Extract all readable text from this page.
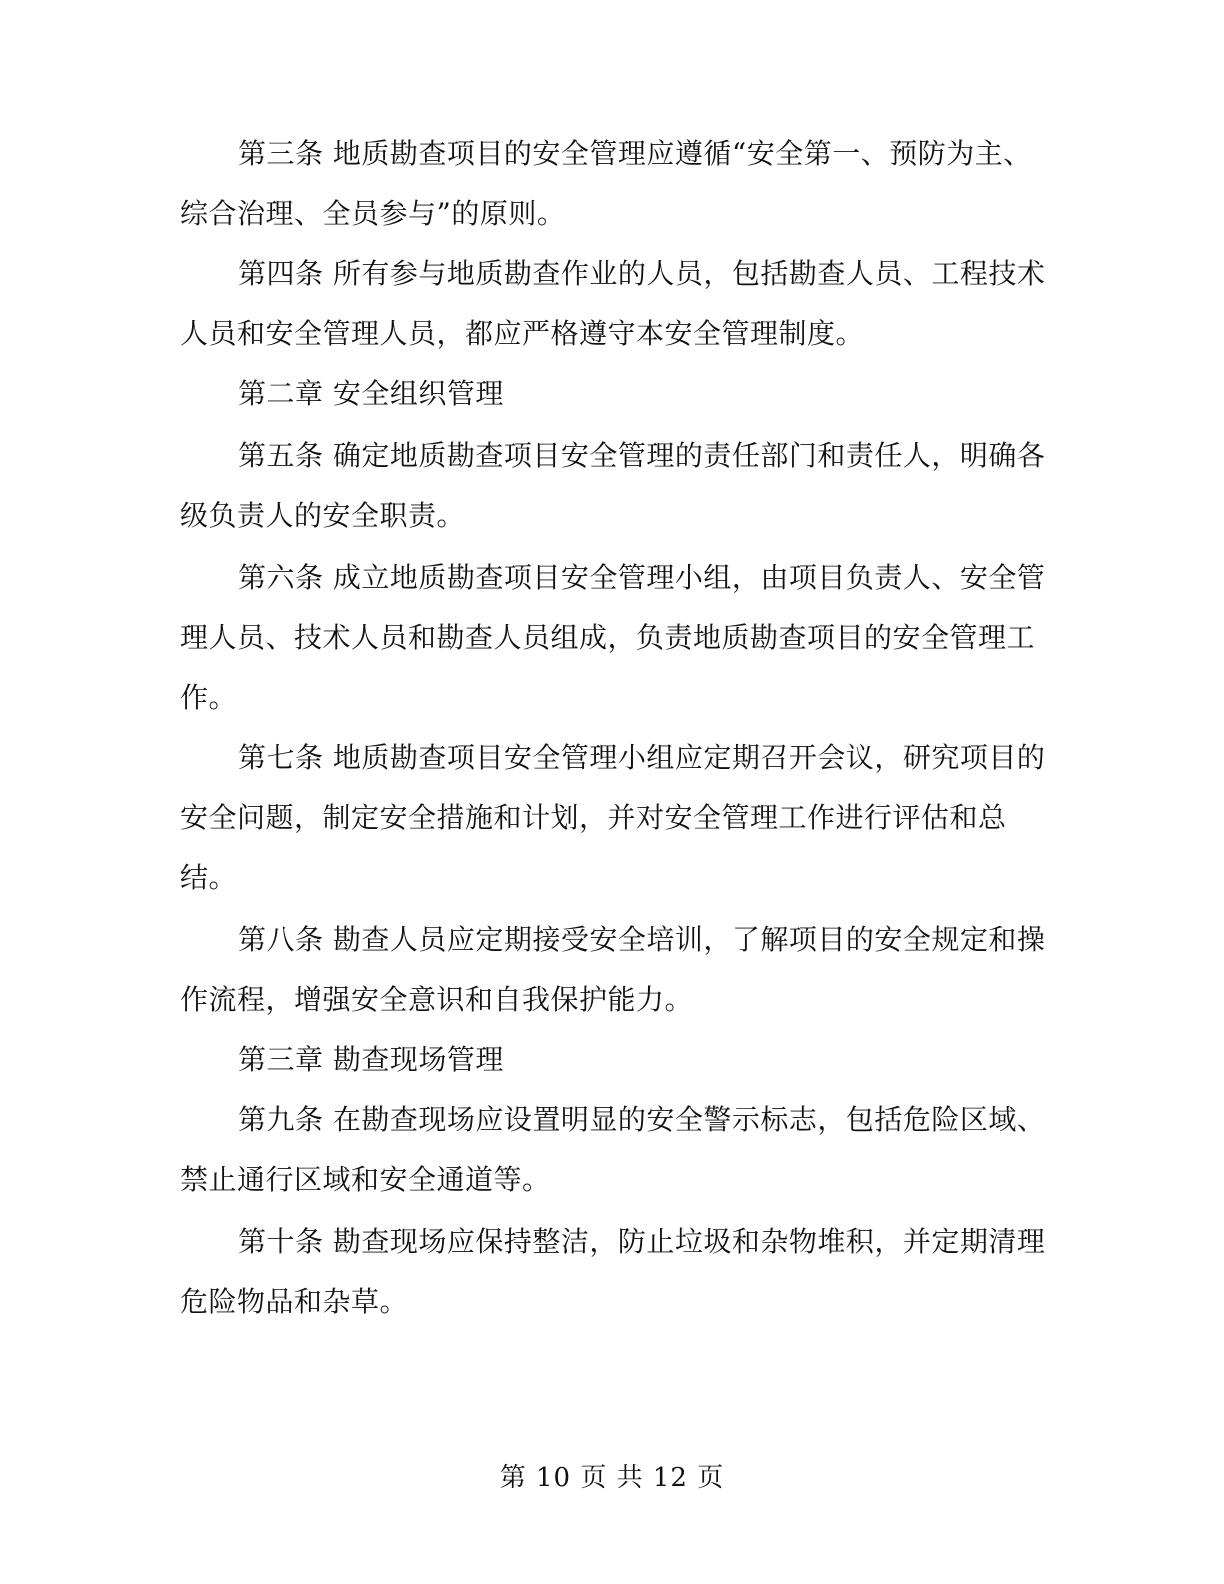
第三条 地质勘查项目的安全管理应遵循“安全第一、预防为主、
综合治理、全员参与”的原则。
第四条 所有参与地质勘查作业的人员，包括勘查人员、工程技术
人员和安全管理人员，都应严格遵守本安全管理制度。
第二章 安全组织管理
第五条 确定地质勘查项目安全管理的责任部门和责任人，明确各
级负责人的安全职责。
第六条 成立地质勘查项目安全管理小组，由项目负责人、安全管
理人员、技术人员和勘查人员组成，负责地质勘查项目的安全管理工
作。
第七条 地质勘查项目安全管理小组应定期召开会议，研究项目的
安全问题，制定安全措施和计划，并对安全管理工作进行评估和总
结。
第八条 勘查人员应定期接受安全培训，了解项目的安全规定和操
作流程，增强安全意识和自我保护能力。
第三章 勘查现场管理
第九条 在勘查现场应设置明显的安全警示标志，包括危险区域、
禁止通行区域和安全通道等。
第十条 勘查现场应保持整洁，防止垃圾和杂物堆积，并定期清理
危险物品和杂草。
第 10 页 共 12 页
